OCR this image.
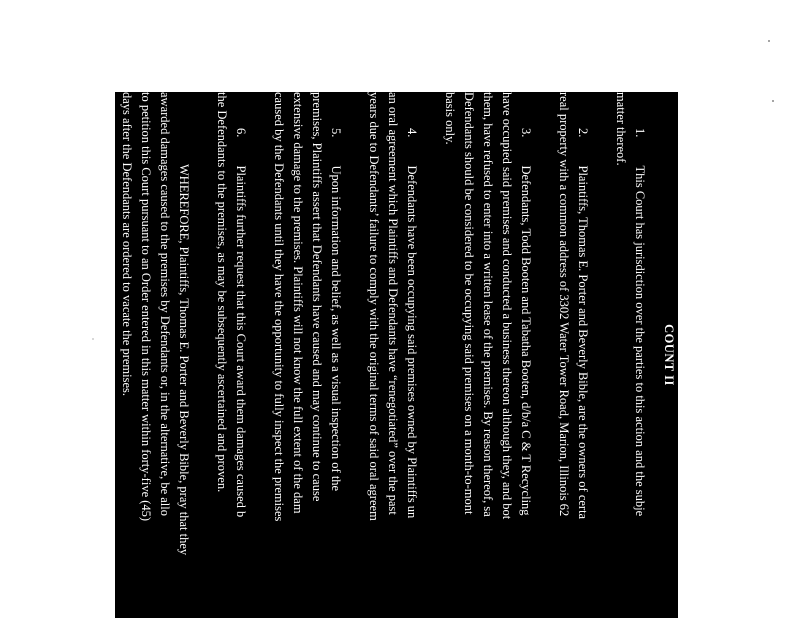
COUNT II
1.         This Court has jurisdiction over the parties to this action and the subje
matter thereof.
2.         Plaintiffs, Thomas E. Porter and Beverly Bible, are the owners of certa
real property with a common address of 3302 Water Tower Road, Marion, Illinois 62
3.         Defendants, Todd Booten and Tabatha Booten, d/b/a C & T Recycling
have occupied said premises and conducted a business thereon although they, and bot
them, have refused to enter into a written lease of the premises. By reason thereof, sa
Defendants should be considered to be occupying said premises on a month-to-mont
basis only.
4.         Defendants have been occupying said premises owned by Plaintiffs un
an oral agreement which Plaintiffs and Defendants have “renegotiated” over the past
years due to Defendants’ failure to comply with the original terms of said oral agreem
5.         Upon information and belief, as well as a visual inspection of the
premises, Plaintiffs assert that Defendants have caused and may continue to cause
extensive damage to the premises. Plaintiffs will not know the full extent of the dam
caused by the Defendants until they have the opportunity to fully inspect the premises
6.         Plaintiffs further request that this Court award them damages caused b
the Defendants to the premises, as may be subsequently ascertained and proven.
WHEREFORE, Plaintiffs, Thomas E. Porter and Beverly Bible, pray that they
awarded damages caused to the premises by Defendants or, in the alternative, be allo
to petition this Court pursuant to an Order entered in this matter within forty-five (45)
days after the Defendants are ordered to vacate the premises.
